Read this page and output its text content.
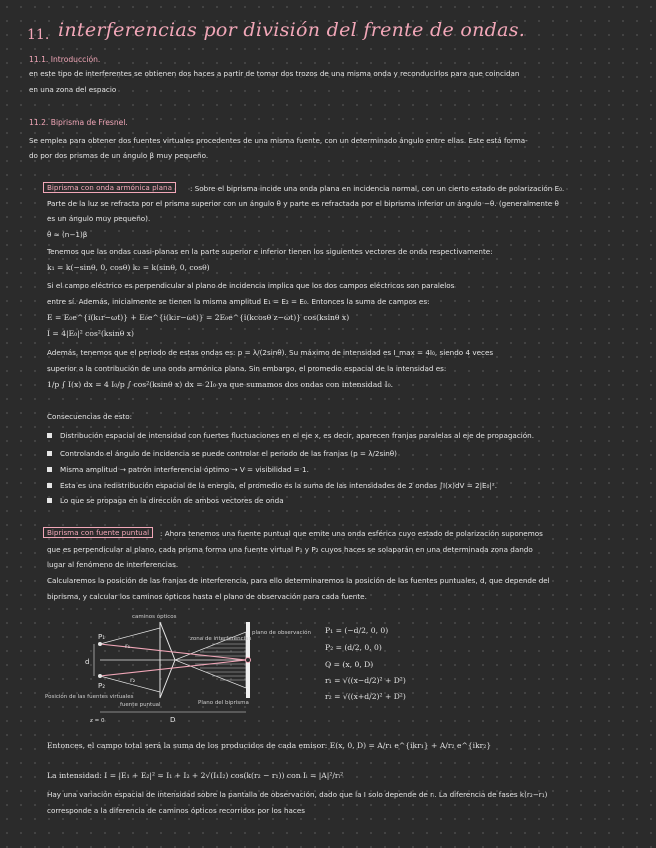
11. interferencias por división del frente de ondas.
11.1. Introducción.
en este tipo de interferentes se obtienen dos haces a partir de tomar dos trozos de una misma onda y reconducirlos para que coincidan
en una zona del espacio
11.2. Biprisma de Fresnel.
Se emplea para obtener dos fuentes virtuales procedentes de una misma fuente, con un determinado ángulo entre ellas. Este está forma-
do por dos prismas de un ángulo β muy pequeño.
Biprisma con onda armónica plana	: Sobre el biprisma incide una onda plana en incidencia normal, con un cierto estado de polarización E₀.
Parte de la luz se refracta por el prisma superior con un ángulo θ y parte es refractada por el biprisma inferior un ángulo −θ. (generalmente θ
es un ángulo muy pequeño).
θ ≈ (n−1)β
Tenemos que las ondas cuasi-planas en la parte superior e inferior tienen los siguientes vectores de onda respectivamente:
k₁ = k(−sinθ, 0, cosθ) k₂ = k(sinθ, 0, cosθ)
Si el campo eléctrico es perpendicular al plano de incidencia implica que los dos campos eléctricos son paralelos
entre sí. Además, inicialmente se tienen la misma amplitud E₁ = E₂ = E₀. Entonces la suma de campos es:
E = E₀e^{i(k₁r−ωt)} + E₀e^{i(k₂r−ωt)} = 2E₀e^{i(kcosθ z−ωt)} cos(ksinθ x)
I = 4|E₀|² cos²(ksinθ x)
Además, tenemos que el periodo de estas ondas es: p = λ/(2sinθ). Su máximo de intensidad es I_max = 4I₀, siendo 4 veces
superior a la contribución de una onda armónica plana. Sin embargo, el promedio espacial de la intensidad es:
1/p ∫ I(x) dx = 4 I₀/p ∫ cos²(ksinθ x) dx = 2I₀ ya que sumamos dos ondas con intensidad I₀.
Consecuencias de esto:
Distribución espacial de intensidad con fuertes fluctuaciones en el eje x, es decir, aparecen franjas paralelas al eje de propagación.
Controlando el ángulo de incidencia se puede controlar el periodo de las franjas (p = λ/2sinθ)
Misma amplitud → patrón interferencial óptimo → V = visibilidad = 1.
Esta es una redistribución espacial de la energía, el promedio es la suma de las intensidades de 2 ondas ∫I(x)dV = 2|E₀|².
Lo que se propaga en la dirección de ambos vectores de onda
Biprisma con fuente puntual	: Ahora tenemos una fuente puntual que emite una onda esférica cuyo estado de polarización suponemos
que es perpendicular al plano, cada prisma forma una fuente virtual P₁ y P₂ cuyos haces se solaparán en una determinada zona dando
lugar al fenómeno de interferencias.
Calcularemos la posición de las franjas de interferencia, para ello determinaremos la posición de las fuentes puntuales, d, que depende del
biprisma, y calcular los caminos ópticos hasta el plano de observación para cada fuente.
caminos ópticos
zona de interferencias
plano de observación
Posición de las fuentes virtuales
fuente puntual	Plano del biprisma
P₁
P₂
r₁
r₂
d
D
z = 0
P₁ = (−d/2, 0, 0)
P₂ = (d/2, 0, 0)
Q = (x, 0, D)
r₁ = √((x−d/2)² + D²)
r₂ = √((x+d/2)² + D²)
Entonces, el campo total será la suma de los producidos de cada emisor: E(x, 0, D) = A/r₁ e^{ikr₁} + A/r₂ e^{ikr₂}
La intensidad: I = |E₁ + E₂|² = I₁ + I₂ + 2√(I₁I₂) cos(k(r₂ − r₁)) con Iᵢ = |A|²/rᵢ²
Hay una variación espacial de intensidad sobre la pantalla de observación, dado que la I solo depende de rᵢ. La diferencia de fases k(r₂−r₁)
corresponde a la diferencia de caminos ópticos recorridos por los haces
